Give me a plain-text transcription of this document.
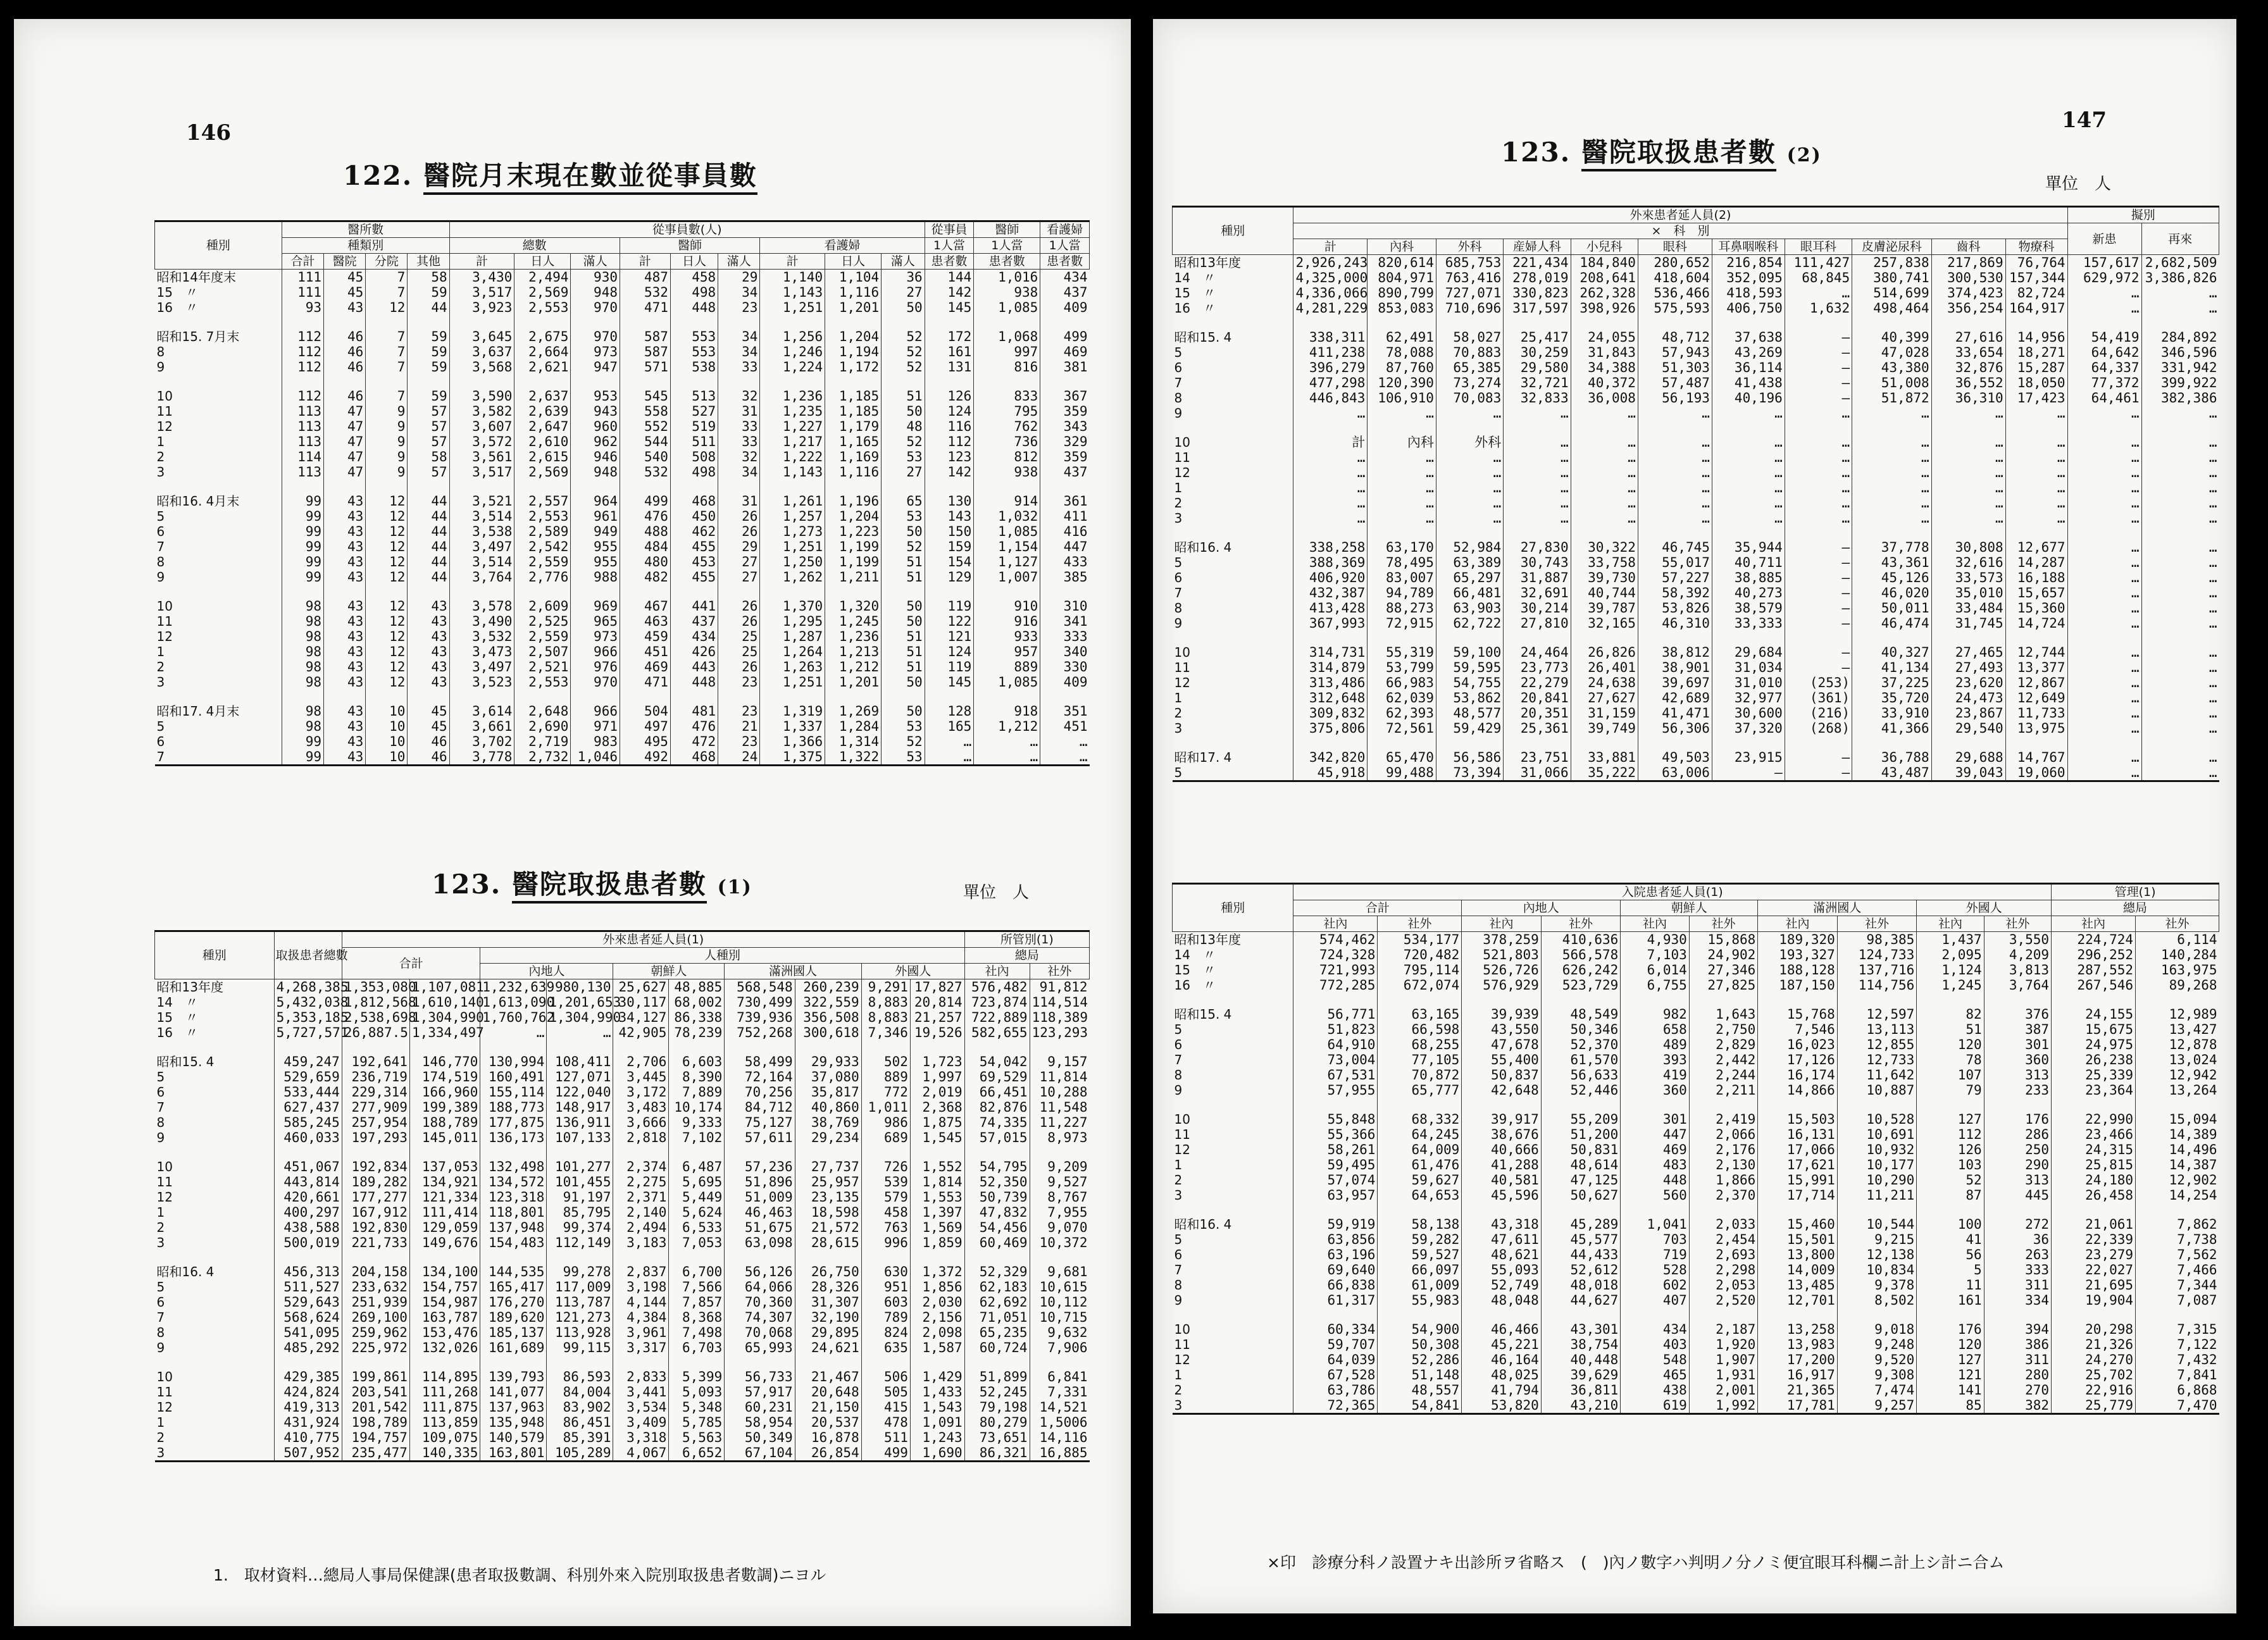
146
122. 醫院月末現在數並從事員數
種別	醫所數				從事員數(人)									從事員	醫師	看護婦
	種類別				總數			醫師			看護婦			1人當	1人當	1人當
	合計	醫院	分院	其他	計	日人	滿人	計	日人	滿人	計	日人	滿人	患者數	患者數	患者數
昭和14年度末	111	45	7	58	3,430	2,494	930	487	458	29	1,140	1,104	36	144	1,016	434
15　〃	111	45	7	59	3,517	2,569	948	532	498	34	1,143	1,116	27	142	938	437
16　〃	93	43	12	44	3,923	2,553	970	471	448	23	1,251	1,201	50	145	1,085	409

昭和15. 7月末	112	46	7	59	3,645	2,675	970	587	553	34	1,256	1,204	52	172	1,068	499
8	112	46	7	59	3,637	2,664	973	587	553	34	1,246	1,194	52	161	997	469
9	112	46	7	59	3,568	2,621	947	571	538	33	1,224	1,172	52	131	816	381

10	112	46	7	59	3,590	2,637	953	545	513	32	1,236	1,185	51	126	833	367
11	113	47	9	57	3,582	2,639	943	558	527	31	1,235	1,185	50	124	795	359
12	113	47	9	57	3,607	2,647	960	552	519	33	1,227	1,179	48	116	762	343
1	113	47	9	57	3,572	2,610	962	544	511	33	1,217	1,165	52	112	736	329
2	114	47	9	58	3,561	2,615	946	540	508	32	1,222	1,169	53	123	812	359
3	113	47	9	57	3,517	2,569	948	532	498	34	1,143	1,116	27	142	938	437

昭和16. 4月末	99	43	12	44	3,521	2,557	964	499	468	31	1,261	1,196	65	130	914	361
5	99	43	12	44	3,514	2,553	961	476	450	26	1,257	1,204	53	143	1,032	411
6	99	43	12	44	3,538	2,589	949	488	462	26	1,273	1,223	50	150	1,085	416
7	99	43	12	44	3,497	2,542	955	484	455	29	1,251	1,199	52	159	1,154	447
8	99	43	12	44	3,514	2,559	955	480	453	27	1,250	1,199	51	154	1,127	433
9	99	43	12	44	3,764	2,776	988	482	455	27	1,262	1,211	51	129	1,007	385

10	98	43	12	43	3,578	2,609	969	467	441	26	1,370	1,320	50	119	910	310
11	98	43	12	43	3,490	2,525	965	463	437	26	1,295	1,245	50	122	916	341
12	98	43	12	43	3,532	2,559	973	459	434	25	1,287	1,236	51	121	933	333
1	98	43	12	43	3,473	2,507	966	451	426	25	1,264	1,213	51	124	957	340
2	98	43	12	43	3,497	2,521	976	469	443	26	1,263	1,212	51	119	889	330
3	98	43	12	43	3,523	2,553	970	471	448	23	1,251	1,201	50	145	1,085	409

昭和17. 4月末	98	43	10	45	3,614	2,648	966	504	481	23	1,319	1,269	50	128	918	351
5	98	43	10	45	3,661	2,690	971	497	476	21	1,337	1,284	53	165	1,212	451
6	99	43	10	46	3,702	2,719	983	495	472	23	1,366	1,314	52	…	…	…
7	99	43	10	46	3,778	2,732	1,046	492	468	24	1,375	1,322	53	…	…	…
123. 醫院取扱患者數 (1)	單位　人
種別	取扱患者總數	外來患者延人員(1)										所管別(1)	
		合計		人種別								總局	
				內地人		朝鮮人		滿洲國人		外國人		社內	社外
昭和13年度	4,268,385	1,353,080	1,107,081	1,232,639	980,130	25,627	48,885	568,548	260,239	9,291	17,827	576,482	91,812
14　〃	5,432,038	1,812,568	1,610,140	1,613,090	1,201,653	30,117	68,002	730,499	322,559	8,883	20,814	723,874	114,514
15　〃	5,353,185	2,538,698	1,304,990	1,760,762	1,304,990	34,127	86,338	739,936	356,508	8,883	21,257	722,889	118,389
16　〃	5,727,571	26,887.5	1,334,497	…	…	42,905	78,239	752,268	300,618	7,346	19,526	582,655	123,293

昭和15. 4	459,247	192,641	146,770	130,994	108,411	2,706	6,603	58,499	29,933	502	1,723	54,042	9,157
5	529,659	236,719	174,519	160,491	127,071	3,445	8,390	72,164	37,080	889	1,997	69,529	11,814
6	533,444	229,314	166,960	155,114	122,040	3,172	7,889	70,256	35,817	772	2,019	66,451	10,288
7	627,437	277,909	199,389	188,773	148,917	3,483	10,174	84,712	40,860	1,011	2,368	82,876	11,548
8	585,245	257,954	188,789	177,875	136,911	3,666	9,333	75,127	38,769	986	1,875	74,335	11,227
9	460,033	197,293	145,011	136,173	107,133	2,818	7,102	57,611	29,234	689	1,545	57,015	8,973

10	451,067	192,834	137,053	132,498	101,277	2,374	6,487	57,236	27,737	726	1,552	54,795	9,209
11	443,814	189,282	134,921	134,572	101,455	2,275	5,695	51,896	25,957	539	1,814	52,350	9,527
12	420,661	177,277	121,334	123,318	91,197	2,371	5,449	51,009	23,135	579	1,553	50,739	8,767
1	400,297	167,912	111,414	118,801	85,795	2,140	5,624	46,463	18,598	458	1,397	47,832	7,955
2	438,588	192,830	129,059	137,948	99,374	2,494	6,533	51,675	21,572	763	1,569	54,456	9,070
3	500,019	221,733	149,676	154,483	112,149	3,183	7,053	63,098	28,615	996	1,859	60,469	10,372

昭和16. 4	456,313	204,158	134,100	144,535	99,278	2,837	6,700	56,126	26,750	630	1,372	52,329	9,681
5	511,527	233,632	154,757	165,417	117,009	3,198	7,566	64,066	28,326	951	1,856	62,183	10,615
6	529,643	251,939	154,987	176,270	113,787	4,144	7,857	70,360	31,307	603	2,030	62,692	10,112
7	568,624	269,100	163,787	189,620	121,273	4,384	8,368	74,307	32,190	789	2,156	71,051	10,715
8	541,095	259,962	153,476	185,137	113,928	3,961	7,498	70,068	29,895	824	2,098	65,235	9,632
9	485,292	225,972	132,026	161,689	99,115	3,317	6,703	65,993	24,621	635	1,587	60,724	7,906

10	429,385	199,861	114,895	139,793	86,593	2,833	5,399	56,733	21,467	506	1,429	51,899	6,841
11	424,824	203,541	111,268	141,077	84,004	3,441	5,093	57,917	20,648	505	1,433	52,245	7,331
12	419,313	201,542	111,875	137,963	83,902	3,534	5,348	60,231	21,150	415	1,543	79,198	14,521
1	431,924	198,789	113,859	135,948	86,451	3,409	5,785	58,954	20,537	478	1,091	80,279	1,5006
2	410,775	194,757	109,075	140,579	85,391	3,318	5,563	50,349	16,878	511	1,243	73,651	14,116
3	507,952	235,477	140,335	163,801	105,289	4,067	6,652	67,104	26,854	499	1,690	86,321	16,885
1.　取材資料…總局人事局保健課(患者取扱數調、科別外來入院別取扱患者數調)ニヨル
147
123. 醫院取扱患者數 (2)
單位　人
種別	外來患者延人員(2)											擬別	
	×　科　別											新患	再來
	計	內科	外科	産婦人科	小兒科	眼科	耳鼻咽喉科	眼耳科	皮膚泌尿科	齒科	物療科		
昭和13年度	2,926,243	820,614	685,753	221,434	184,840	280,652	216,854	111,427	257,838	217,869	76,764	157,617	2,682,509
14　〃	4,325,000	804,971	763,416	278,019	208,641	418,604	352,095	68,845	380,741	300,530	157,344	629,972	3,386,826
15　〃	4,336,066	890,799	727,071	330,823	262,328	536,466	418,593	…	514,699	374,423	82,724	…	…
16　〃	4,281,229	853,083	710,696	317,597	398,926	575,593	406,750	1,632	498,464	356,254	164,917	…	…

昭和15. 4	338,311	62,491	58,027	25,417	24,055	48,712	37,638	–	40,399	27,616	14,956	54,419	284,892
5	411,238	78,088	70,883	30,259	31,843	57,943	43,269	–	47,028	33,654	18,271	64,642	346,596
6	396,279	87,760	65,385	29,580	34,388	51,303	36,114	–	43,380	32,876	15,287	64,337	331,942
7	477,298	120,390	73,274	32,721	40,372	57,487	41,438	–	51,008	36,552	18,050	77,372	399,922
8	446,843	106,910	70,083	32,833	36,008	56,193	40,196	–	51,872	36,310	17,423	64,461	382,386
9	…	…	…	…	…	…	…	…	…	…	…	…	…

10	計	內科	外科	…	…	…	…	…	…	…	…	…	…
11	…	…	…	…	…	…	…	…	…	…	…	…	…
12	…	…	…	…	…	…	…	…	…	…	…	…	…
1	…	…	…	…	…	…	…	…	…	…	…	…	…
2	…	…	…	…	…	…	…	…	…	…	…	…	…
3	…	…	…	…	…	…	…	…	…	…	…	…	…

昭和16. 4	338,258	63,170	52,984	27,830	30,322	46,745	35,944	–	37,778	30,808	12,677	…	…
5	388,369	78,495	63,389	30,743	33,758	55,017	40,711	–	43,361	32,616	14,287	…	…
6	406,920	83,007	65,297	31,887	39,730	57,227	38,885	–	45,126	33,573	16,188	…	…
7	432,387	94,789	66,481	32,691	40,744	58,392	40,273	–	46,020	35,010	15,657	…	…
8	413,428	88,273	63,903	30,214	39,787	53,826	38,579	–	50,011	33,484	15,360	…	…
9	367,993	72,915	62,722	27,810	32,165	46,310	33,333	–	46,474	31,745	14,724	…	…

10	314,731	55,319	59,100	24,464	26,826	38,812	29,684	–	40,327	27,465	12,744	…	…
11	314,879	53,799	59,595	23,773	26,401	38,901	31,034	–	41,134	27,493	13,377	…	…
12	313,486	66,983	54,755	22,279	24,638	39,697	31,010	(253)	37,225	23,620	12,867	…	…
1	312,648	62,039	53,862	20,841	27,627	42,689	32,977	(361)	35,720	24,473	12,649	…	…
2	309,832	62,393	48,577	20,351	31,159	41,471	30,600	(216)	33,910	23,867	11,733	…	…
3	375,806	72,561	59,429	25,361	39,749	56,306	37,320	(268)	41,366	29,540	13,975	…	…

昭和17. 4	342,820	65,470	56,586	23,751	33,881	49,503	23,915	–	36,788	29,688	14,767	…	…
5	45,918	99,488	73,394	31,066	35,222	63,006	–	–	43,487	39,043	19,060	…	…
種別	入院患者延人員(1)										管理(1)	
	合計		內地人		朝鮮人		滿洲國人		外國人		總局	
	社內	社外	社內	社外	社內	社外	社內	社外	社內	社外	社內	社外
昭和13年度	574,462	534,177	378,259	410,636	4,930	15,868	189,320	98,385	1,437	3,550	224,724	6,114
14　〃	724,328	720,482	521,803	566,578	7,103	24,902	193,327	124,733	2,095	4,209	296,252	140,284
15　〃	721,993	795,114	526,726	626,242	6,014	27,346	188,128	137,716	1,124	3,813	287,552	163,975
16　〃	772,285	672,074	576,929	523,729	6,755	27,825	187,150	114,756	1,245	3,764	267,546	89,268

昭和15. 4	56,771	63,165	39,939	48,549	982	1,643	15,768	12,597	82	376	24,155	12,989
5	51,823	66,598	43,550	50,346	658	2,750	7,546	13,113	51	387	15,675	13,427
6	64,910	68,255	47,678	52,370	489	2,829	16,023	12,855	120	301	24,975	12,878
7	73,004	77,105	55,400	61,570	393	2,442	17,126	12,733	78	360	26,238	13,024
8	67,531	70,872	50,837	56,633	419	2,244	16,174	11,642	107	313	25,339	12,942
9	57,955	65,777	42,648	52,446	360	2,211	14,866	10,887	79	233	23,364	13,264

10	55,848	68,332	39,917	55,209	301	2,419	15,503	10,528	127	176	22,990	15,094
11	55,366	64,245	38,676	51,200	447	2,066	16,131	10,691	112	286	23,466	14,389
12	58,261	64,009	40,666	50,831	469	2,176	17,066	10,932	126	250	24,315	14,496
1	59,495	61,476	41,288	48,614	483	2,130	17,621	10,177	103	290	25,815	14,387
2	57,074	59,627	40,581	47,125	448	1,866	15,991	10,290	52	313	24,180	12,902
3	63,957	64,653	45,596	50,627	560	2,370	17,714	11,211	87	445	26,458	14,254

昭和16. 4	59,919	58,138	43,318	45,289	1,041	2,033	15,460	10,544	100	272	21,061	7,862
5	63,856	59,282	47,611	45,577	703	2,454	15,501	9,215	41	36	22,339	7,738
6	63,196	59,527	48,621	44,433	719	2,693	13,800	12,138	56	263	23,279	7,562
7	69,640	66,097	55,093	52,612	528	2,298	14,009	10,834	5	333	22,027	7,466
8	66,838	61,009	52,749	48,018	602	2,053	13,485	9,378	11	311	21,695	7,344
9	61,317	55,983	48,048	44,627	407	2,520	12,701	8,502	161	334	19,904	7,087

10	60,334	54,900	46,466	43,301	434	2,187	13,258	9,018	176	394	20,298	7,315
11	59,707	50,308	45,221	38,754	403	1,920	13,983	9,248	120	386	21,326	7,122
12	64,039	52,286	46,164	40,448	548	1,907	17,200	9,520	127	311	24,270	7,432
1	67,528	51,148	48,025	39,629	465	1,931	16,917	9,308	121	280	25,702	7,841
2	63,786	48,557	41,794	36,811	438	2,001	21,365	7,474	141	270	22,916	6,868
3	72,365	54,841	53,820	43,210	619	1,992	17,781	9,257	85	382	25,779	7,470
×印　診療分科ノ設置ナキ出診所ヲ省略ス　(　)內ノ數字ハ判明ノ分ノミ便宜眼耳科欄ニ計上シ計ニ合ム
